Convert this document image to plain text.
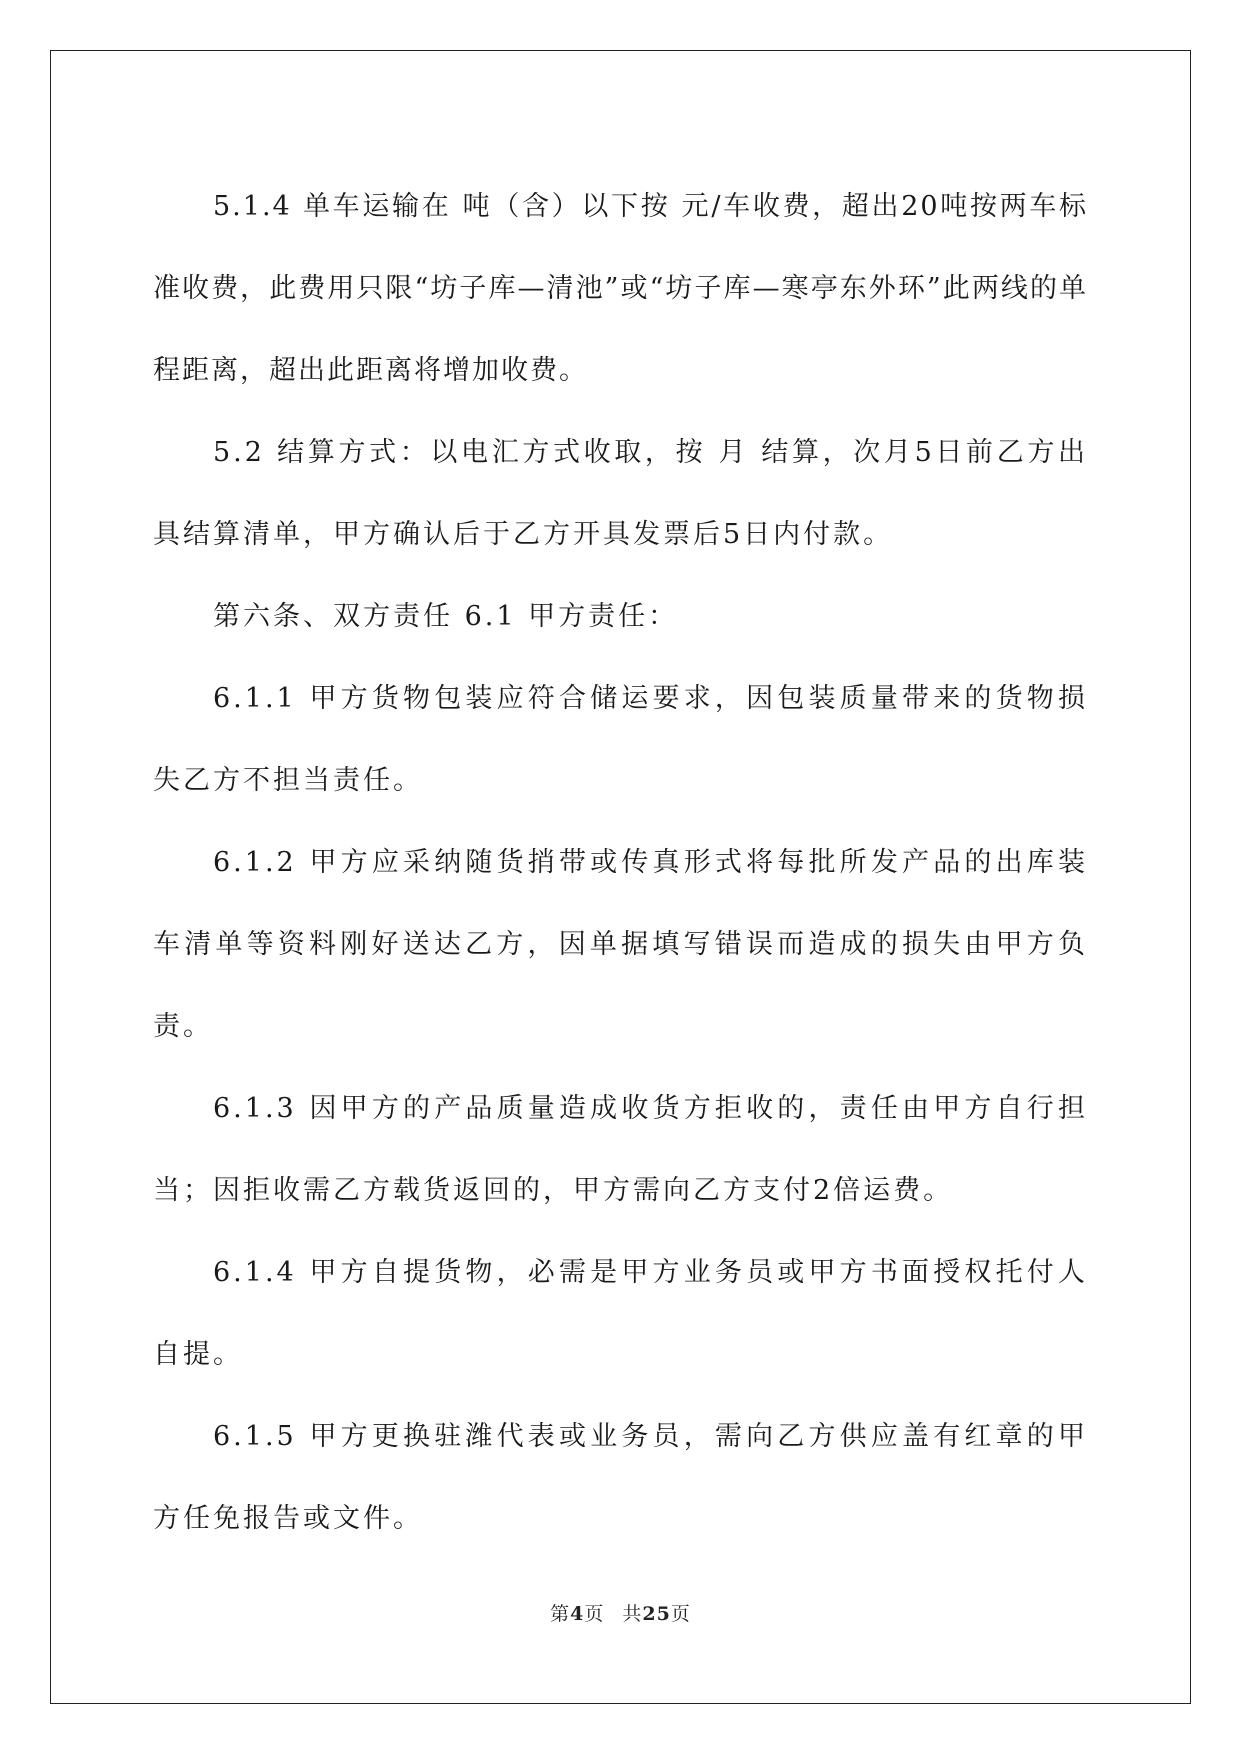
5.1.4 单车运输在 吨（含）以下按 元/车收费，超出20吨按两车标准收费，此费用只限“坊子库—清池”或“坊子库—寒亭东外环”此两线的单程距离，超出此距离将增加收费。

5.2 结算方式：以电汇方式收取，按 月 结算，次月5日前乙方出具结算清单，甲方确认后于乙方开具发票后5日内付款。

第六条、双方责任 6.1 甲方责任：

6.1.1 甲方货物包装应符合储运要求，因包装质量带来的货物损失乙方不担当责任。

6.1.2 甲方应采纳随货捎带或传真形式将每批所发产品的出库装车清单等资料刚好送达乙方，因单据填写错误而造成的损失由甲方负责。

6.1.3 因甲方的产品质量造成收货方拒收的，责任由甲方自行担当；因拒收需乙方载货返回的，甲方需向乙方支付2倍运费。

6.1.4 甲方自提货物，必需是甲方业务员或甲方书面授权托付人自提。

6.1.5 甲方更换驻潍代表或业务员，需向乙方供应盖有红章的甲方任免报告或文件。

第4页 共25页
